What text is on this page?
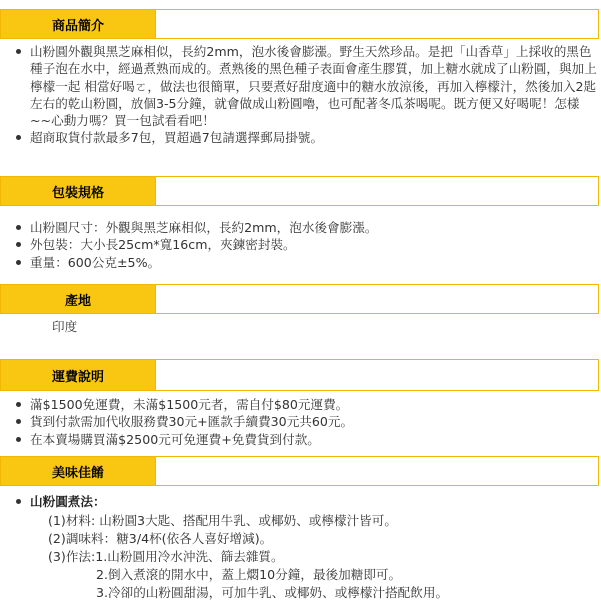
商品簡介
山粉圓外觀與黑芝麻相似，長約2mm，泡水後會膨漲。野生天然珍品。是把「山香草」上採收的黑色種子泡在水中，經過煮熟而成的。煮熟後的黑色種子表面會產生膠質，加上糖水就成了山粉圓，與加上檸檬一起 相當好喝ㄛ，做法也很簡單，只要煮好甜度適中的糖水放涼後，再加入檸檬汁，然後加入2匙左右的乾山粉圓，放個3-5分鐘，就會做成山粉圓嚕，也可配著冬瓜茶喝呢。既方便又好喝呢！怎樣~~心動力嗎？買一包試看看吧！
超商取貨付款最多7包，買超過7包請選擇郵局掛號。
包裝規格
山粉圓尺寸：外觀與黑芝麻相似，長約2mm，泡水後會膨漲。
外包裝：大小長25cm*寬16cm，夾鍊密封裝。
重量：600公克±5%。
產地
印度
運費說明
滿$1500免運費，未滿$1500元者，需自付$80元運費。
貨到付款需加代收服務費30元+匯款手續費30元共60元。
在本賣場購買滿$2500元可免運費+免費貨到付款。
美味佳餚
山粉圓煮法：
(1)材料: 山粉圓3大匙、搭配用牛乳、或椰奶、或檸檬汁皆可。
(2)調味料：糖3/4杯(依各人喜好增減)。
(3)作法:1.山粉圓用冷水沖洗、篩去雜質。
2.倒入煮滾的開水中，蓋上燜10分鐘，最後加糖即可。
3.冷卻的山粉圓甜湯，可加牛乳、或椰奶、或檸檬汁搭配飲用。
